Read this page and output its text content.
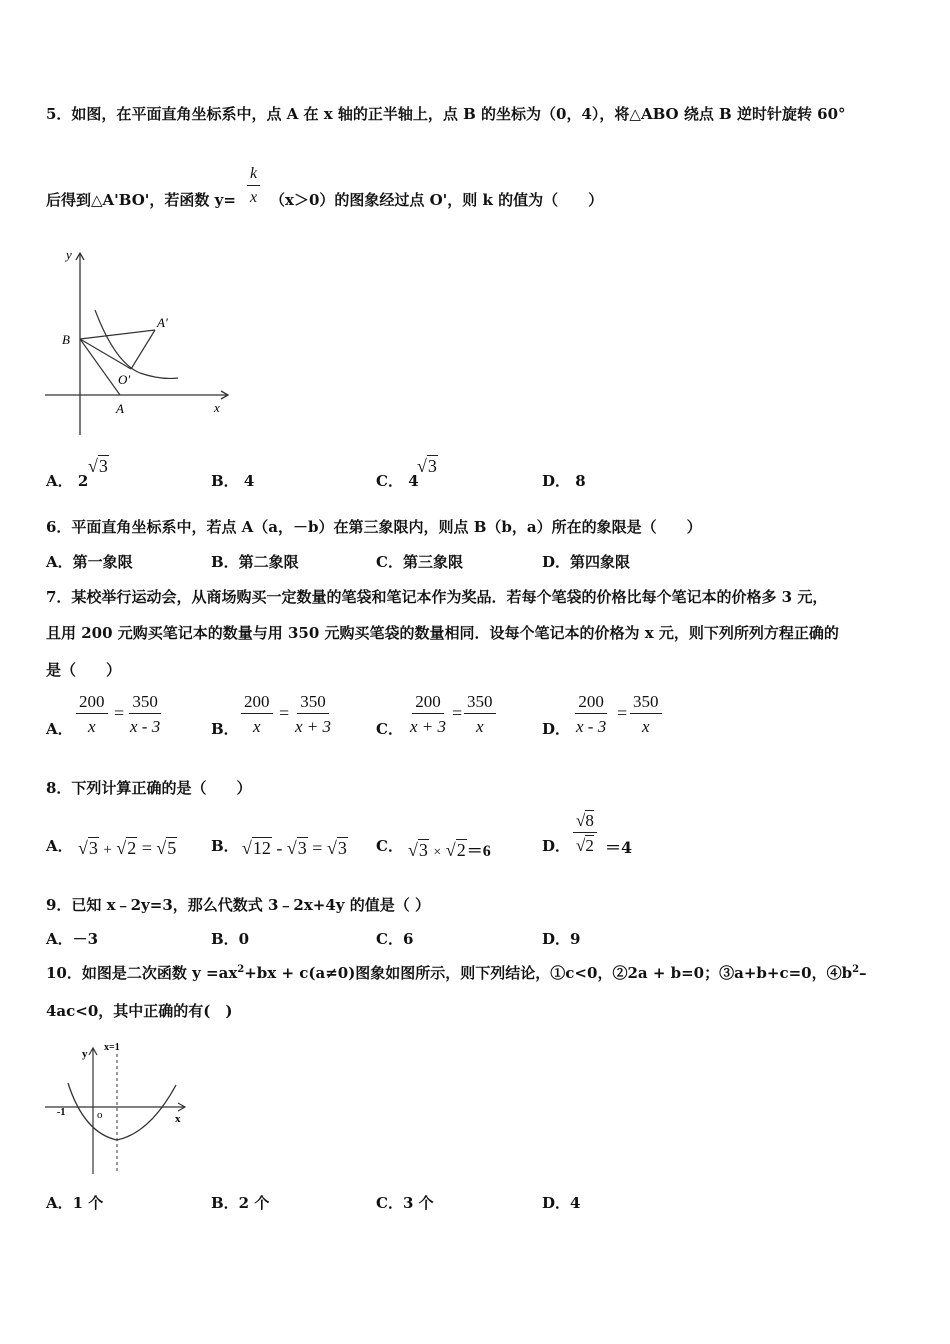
5．如图，在平面直角坐标系中，点 A 在 x 轴的正半轴上，点 B 的坐标为（0，4），将△ABO 绕点 B 逆时针旋转 60°
后得到△A'BO'，若函数 $y= \frac{k}{x} (x>0)$的图象经过点 O'，则 k 的值为（　　）
y
x
B
A
A′
O′
A． 2
√3
B． 4	C． 4
√3
D． 8
6．平面直角坐标系中，若点 A（a，－b）在第三象限内，则点 B（b，a）所在的象限是（　　）
A．第一象限	B．第二象限	C．第三象限	D．第四象限
7．某校举行运动会，从商场购买一定数量的笔袋和笔记本作为奖品．若每个笔袋的价格比每个笔记本的价格多 3 元，
且用 200 元购买笔记本的数量与用 350 元购买笔袋的数量相同．设每个笔记本的价格为 x 元，则下列所列方程正确的
是（　　）
A． $\frac{200}{x} = \frac{350}{x - 3}$	B． $\frac{200}{x} = \frac{350}{x + 3}$	C． $\frac{200}{x + 3} = \frac{350}{x}$	D． $\frac{200}{x - 3} = \frac{350}{x}$
8．下列计算正确的是（　　）
A． √3 + √2 = √5 B． √12 - √3 = √3 C． √3 × √2＝6	D． $\frac{√8}{√2} =4$
9．已知 x﹣2y=3，那么代数式 3﹣2x+4y 的值是（ ）
A．－3	B．0	C．6	D．9
10．如图是二次函数 $y =ax^2+bx + c(a\ne 0)$图象如图所示，则下列结论，①c<0，②2a + b=0；③a+b+c=0，$④b^2-$
4ac<0，其中正确的有(　)
y
x=1
x
-1	o
A．1 个	B．2 个	C．3 个	D．4
